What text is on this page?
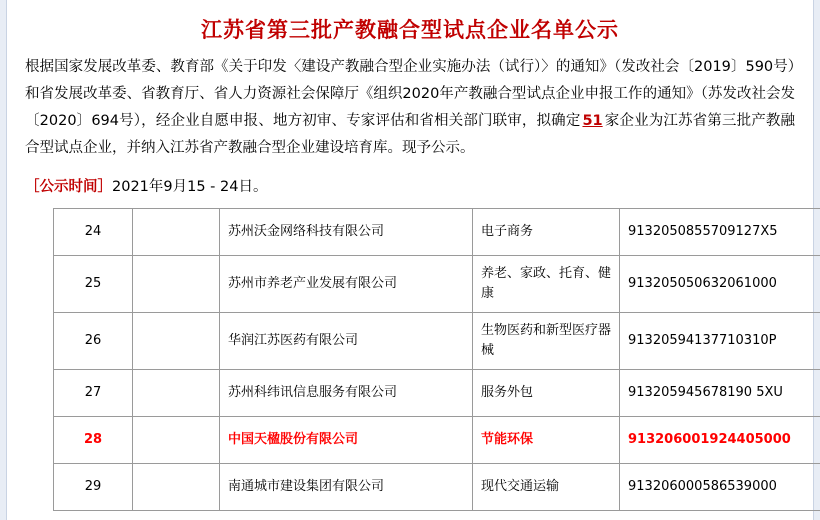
江苏省第三批产教融合型试点企业名单公示

根据国家发展改革委、教育部《关于印发〈建设产教融合型企业实施办法（试行）〉的通知》（发改社会〔2019〕590号）和省发展改革委、省教育厅、省人力资源社会保障厅《组织2020年产教融合型试点企业申报工作的通知》（苏发改社会发〔2020〕694号），经企业自愿申报、地方初审、专家评估和省相关部门联审，拟确定 51 家企业为江苏省第三批产教融合型试点企业，并纳入江苏省产教融合型企业建设培育库。现予公示。

［公示时间］2021年9月15 - 24日。
24		苏州沃金网络科技有限公司	电子商务	9132050855709127X5
25		苏州市养老产业发展有限公司	养老、家政、托育、健康	913205050632061000
26		华润江苏医药有限公司	生物医药和新型医疗器械	91320594137710310P
27		苏州科纬讯信息服务有限公司	服务外包	913205945678190 5XU
28		中国天楹股份有限公司	节能环保	913206001924405000
29		南通城市建设集团有限公司	现代交通运输	913206000586539000
